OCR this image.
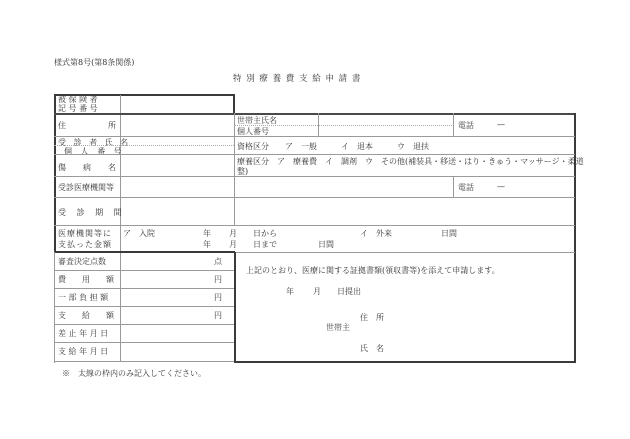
様式第8号(第8条関係)
特 別 療 養 費 支 給 申 請 書
被 保 険 者
記 号 番 号
住	所
世帯主氏名
個人番号
電話	—
受 診 者 氏 名
個 人 番 号
資格区分　　ア　一般　　　イ　退本　　　ウ　退扶
傷 病 名
療養区分　ア　療養費　イ　調剤　ウ　その他(補装具・移送・はり・きゅう・マッサージ・柔道
整)
受診医療機関等	電話	—
受 診 期 間
医療機関等に
支払った金額
ア　入院	年 月 日から	イ　外来	日間
年 月 日まで	日間
審査決定点数	点
費　　用　　額	円
一 部 負 担 額	円
支　　給　　額	円
差 止 年 月 日
支 給 年 月 日
上記のとおり、医療に関する証拠書類(領収書等)を添えて申請します。
年 月 日提出
住　所
世帯主
氏　名
※　太線の枠内のみ記入してください。
